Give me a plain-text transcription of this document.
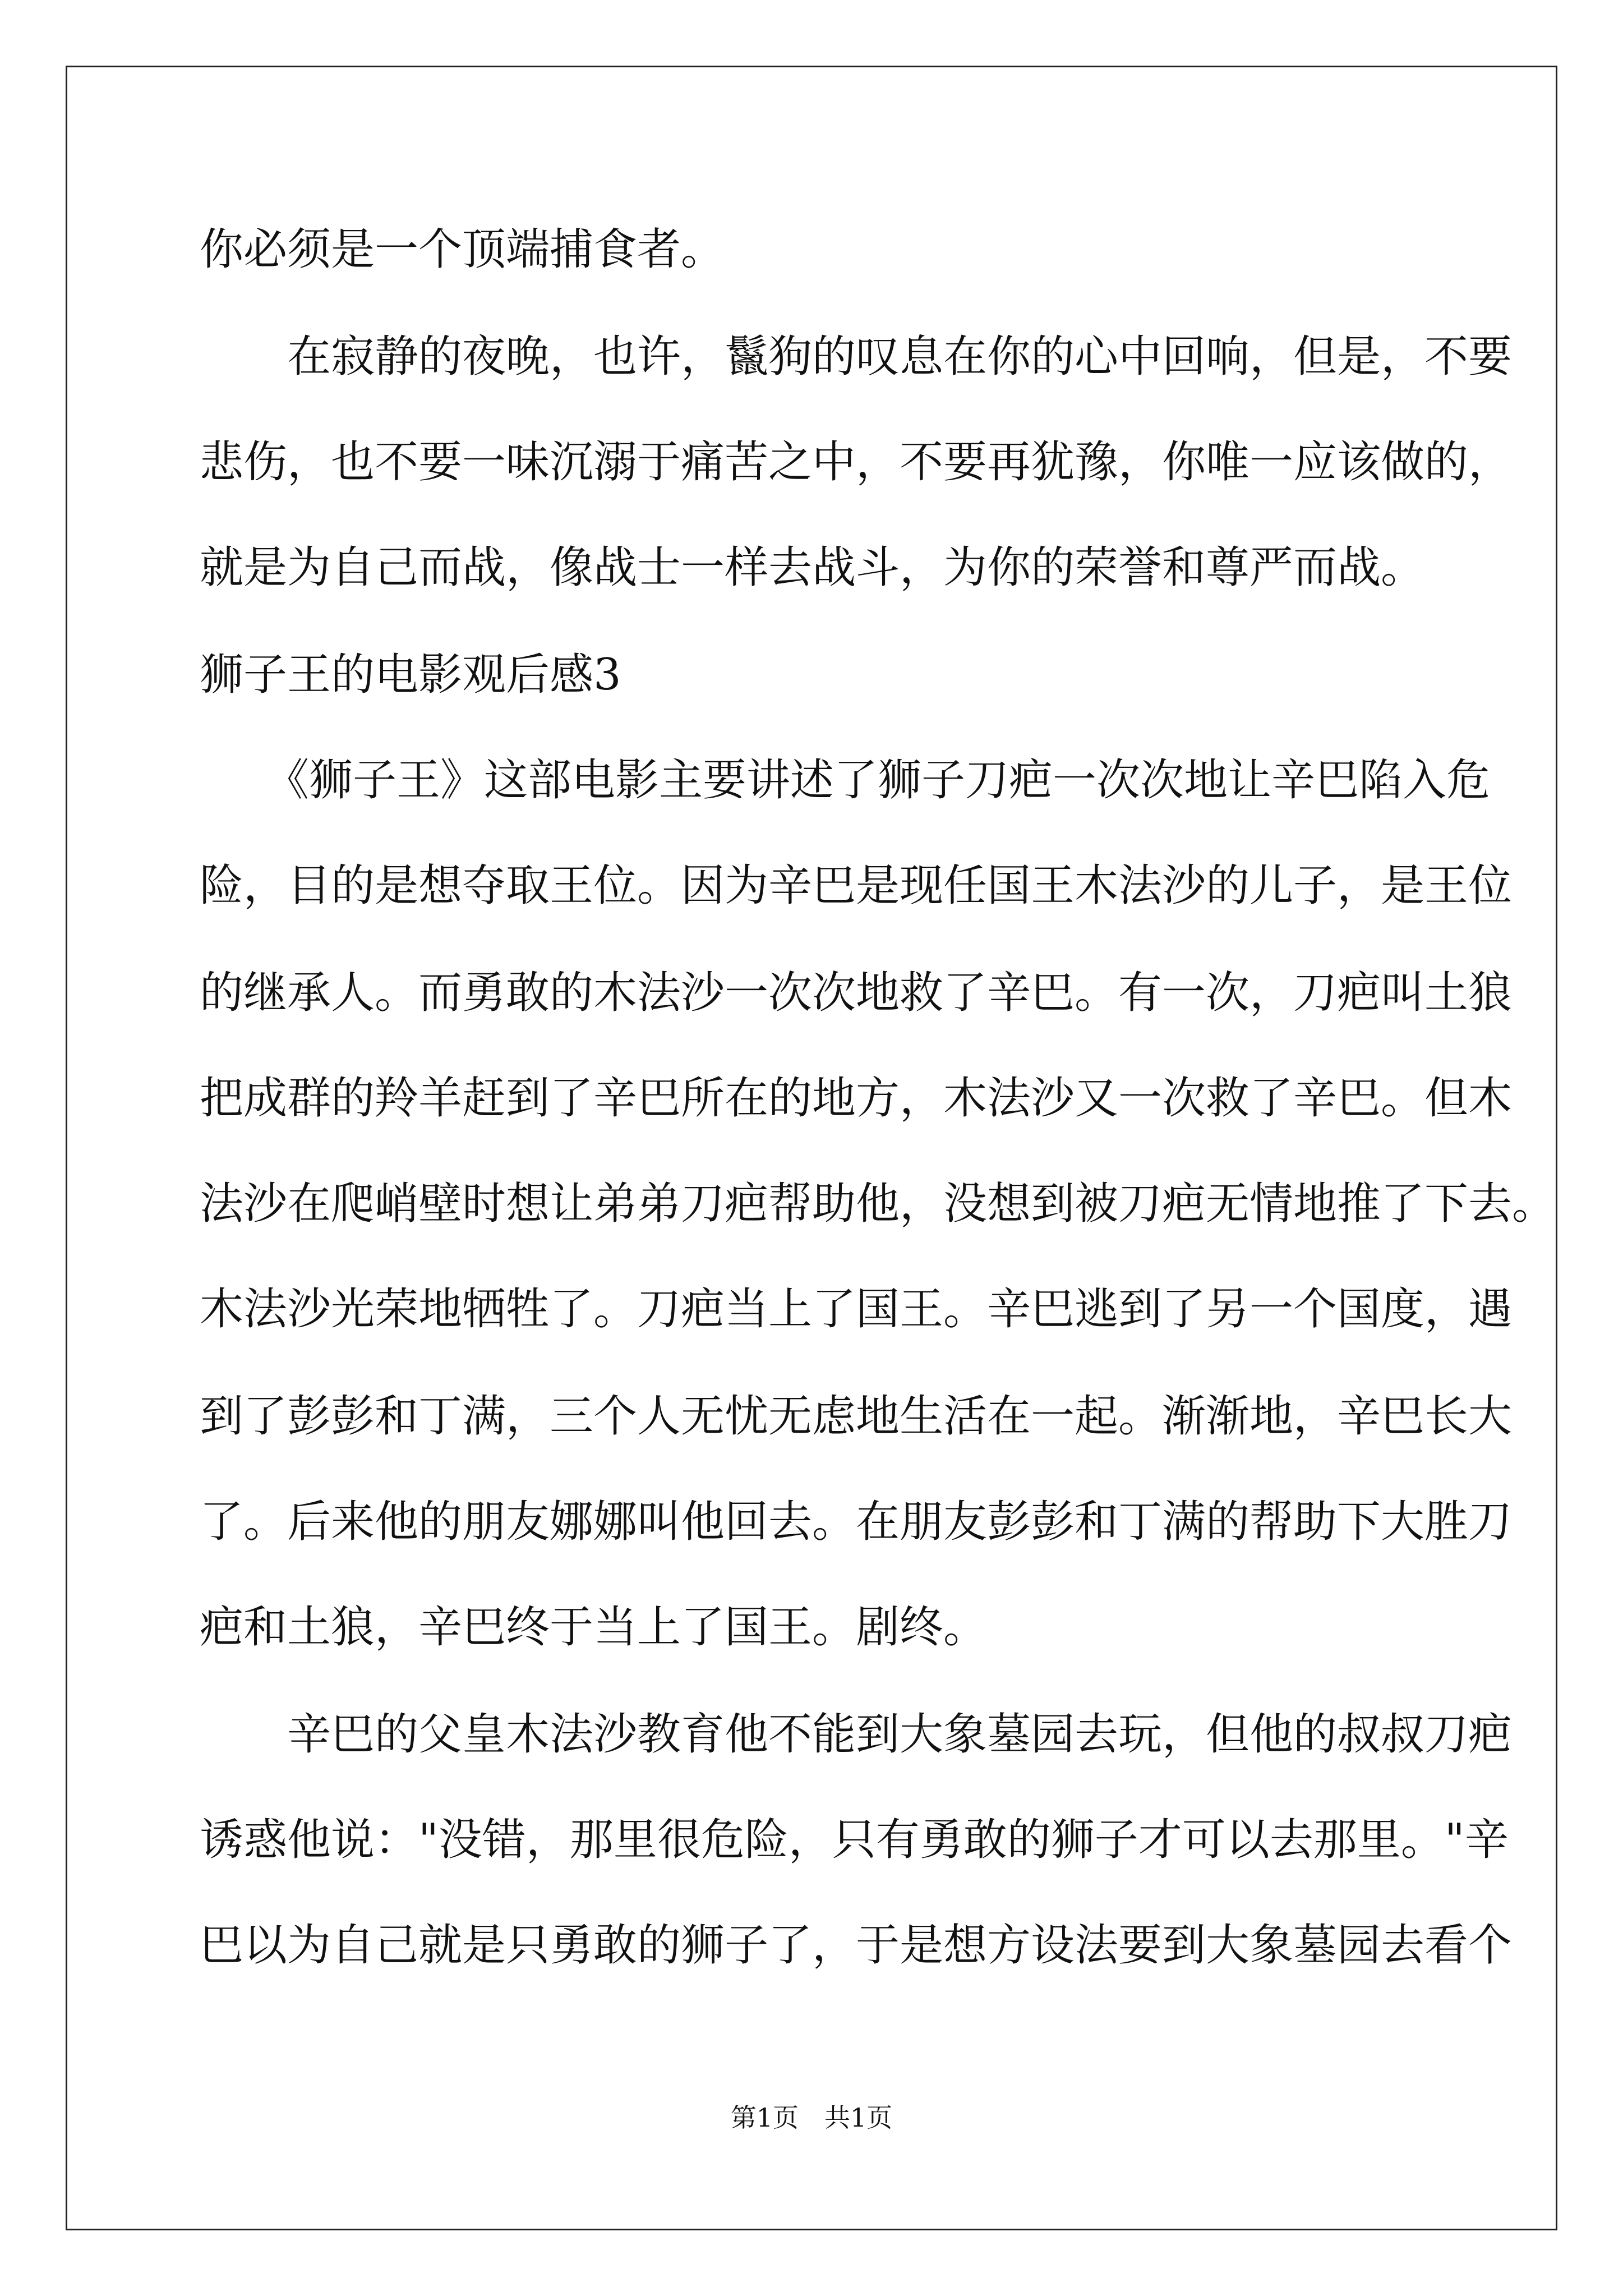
你必须是一个顶端捕食者。
　　在寂静的夜晚，也许，鬣狗的叹息在你的心中回响，但是，不要
悲伤，也不要一味沉溺于痛苦之中，不要再犹豫，你唯一应该做的，
就是为自己而战，像战士一样去战斗，为你的荣誉和尊严而战。
狮子王的电影观后感3
　　《狮子王》这部电影主要讲述了狮子刀疤一次次地让辛巴陷入危
险，目的是想夺取王位。因为辛巴是现任国王木法沙的儿子，是王位
的继承人。而勇敢的木法沙一次次地救了辛巴。有一次，刀疤叫土狼
把成群的羚羊赶到了辛巴所在的地方，木法沙又一次救了辛巴。但木
法沙在爬峭壁时想让弟弟刀疤帮助他，没想到被刀疤无情地推了下去。
木法沙光荣地牺牲了。刀疤当上了国王。辛巴逃到了另一个国度，遇
到了彭彭和丁满，三个人无忧无虑地生活在一起。渐渐地，辛巴长大
了。后来他的朋友娜娜叫他回去。在朋友彭彭和丁满的帮助下大胜刀
疤和土狼，辛巴终于当上了国王。剧终。
　　辛巴的父皇木法沙教育他不能到大象墓园去玩，但他的叔叔刀疤
诱惑他说："没错，那里很危险，只有勇敢的狮子才可以去那里。"辛
巴以为自己就是只勇敢的狮子了，于是想方设法要到大象墓园去看个
第1页　共1页
